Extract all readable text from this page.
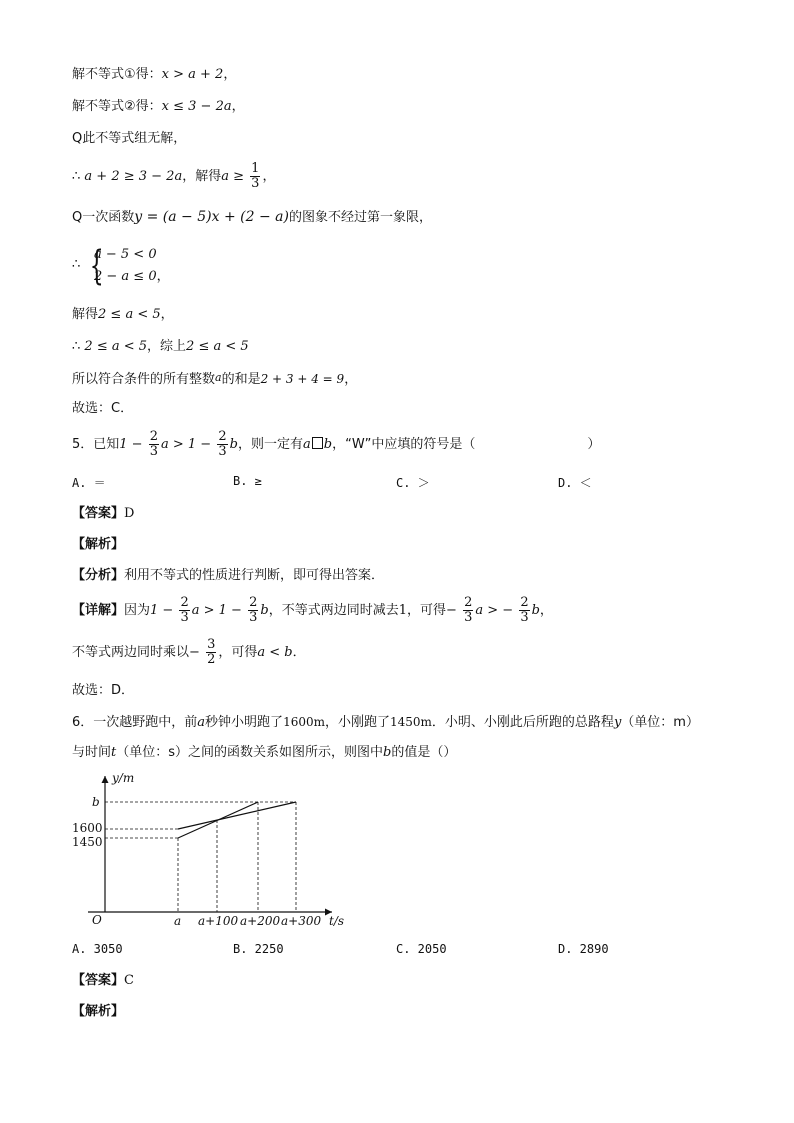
解不等式①得：x > a + 2，
解不等式②得：x ≤ 3 − 2a，
Q此不等式组无解，
∴ a + 2 ≥ 3 − 2a，解得$a \ge \frac{1}{3}$ ，
Q一次函数y = (a − 5)x + (2 − a)的图象不经过第一象限，
∴ {
a − 5 < 0
2 − a ≤ 0，
解得2 ≤ a < 5，
∴ 2 ≤ a < 5，综上2 ≤ a < 5
所以符合条件的所有整数a的和是2 + 3 + 4 = 9，
故选：C．
5．已知$1 - \frac{2}{3}$ $a > 1 - \frac{2}{3}$ b，则一定有a b，“W”中应填的符号是（	）
A. ＝	B. ≥	C. ＞	D. ＜
【答案】D
【解析】
【分析】利用不等式的性质进行判断，即可得出答案．
【详解】因为$1 - \frac{2}{3}$ $a > 1 - \frac{2}{3}$ b，不等式两边同时减去1，可得− $\frac{2}{3}$ a > − $\frac{2}{3}$ b，
不等式两边同时乘以− $\frac{3}{2}$ ，可得a < b．
故选：D．
6．一次越野跑中，前a秒钟小明跑了1600m，小刚跑了1450m．小明、小刚此后所跑的总路程y（单位：m）
与时间t（单位：s）之间的函数关系如图所示，则图中b的值是（）
y/m
b
1600
1450
O	a a+100 a+200 a+300 t/s
A. 3050	B. 2250	C. 2050	D. 2890
【答案】C
【解析】
